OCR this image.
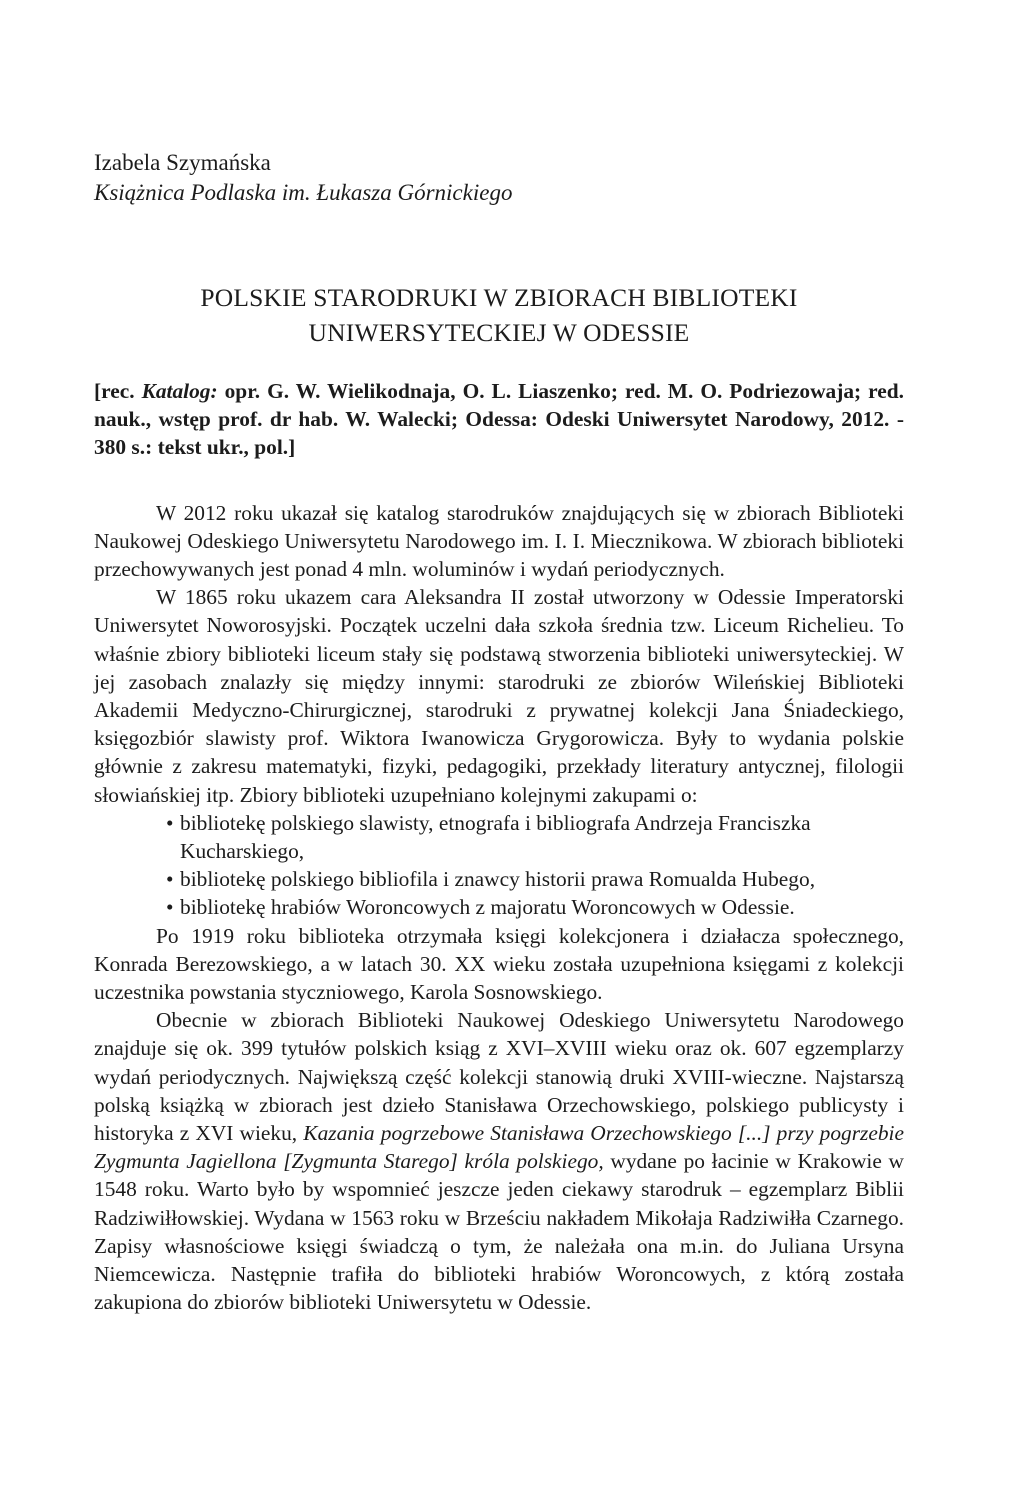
Izabela Szymańska

Książnica Podlaska im. Łukasza Górnickiego

POLSKIE STARODRUKI W ZBIORACH BIBLIOTEKI
UNIWERSYTECKIEJ W ODESSIE

[rec. Katalog: opr. G. W. Wielikodnaja, O. L. Liaszenko; red. M. O. Podriezowaja; red. nauk., wstęp prof. dr hab. W. Walecki; Odessa: Odeski Uniwersytet Narodowy, 2012. - 380 s.: tekst ukr., pol.]

W 2012 roku ukazał się katalog starodruków znajdujących się w zbiorach Biblioteki Naukowej Odeskiego Uniwersytetu Narodowego im. I. I. Miecznikowa. W zbiorach biblioteki przechowywanych jest ponad 4 mln. woluminów i wydań periodycznych.

W 1865 roku ukazem cara Aleksandra II został utworzony w Odessie Imperatorski Uniwersytet Noworosyjski. Początek uczelni dała szkoła średnia tzw. Liceum Richelieu. To właśnie zbiory biblioteki liceum stały się podstawą stworzenia biblioteki uniwersyteckiej. W jej zasobach znalazły się między innymi: starodruki ze zbiorów Wileńskiej Biblioteki Akademii Medyczno-Chirurgicznej, starodruki z prywatnej kolekcji Jana Śniadeckiego, księgozbiór slawisty prof. Wiktora Iwanowicza Grygorowicza. Były to wydania polskie głównie z zakresu matematyki, fizyki, pedagogiki, przekłady literatury antycznej, filologii słowiańskiej itp. Zbiory biblioteki uzupełniano kolejnymi zakupami o:

• bibliotekę polskiego slawisty, etnografa i bibliografa Andrzeja Franciszka Kucharskiego,
• bibliotekę polskiego bibliofila i znawcy historii prawa Romualda Hubego,
• bibliotekę hrabiów Woroncowych z majoratu Woroncowych w Odessie.

Po 1919 roku biblioteka otrzymała księgi kolekcjonera i działacza społecznego, Konrada Berezowskiego, a w latach 30. XX wieku została uzupełniona księgami z kolekcji uczestnika powstania styczniowego, Karola Sosnowskiego.

Obecnie w zbiorach Biblioteki Naukowej Odeskiego Uniwersytetu Narodowego znajduje się ok. 399 tytułów polskich ksiąg z XVI–XVIII wieku oraz ok. 607 egzemplarzy wydań periodycznych. Największą część kolekcji stanowią druki XVIII-wieczne. Najstarszą polską książką w zbiorach jest dzieło Stanisława Orzechowskiego, polskiego publicysty i historyka z XVI wieku, Kazania pogrzebowe Stanisława Orzechowskiego [...] przy pogrzebie Zygmunta Jagiellona [Zygmunta Starego] króla polskiego, wydane po łacinie w Krakowie w 1548 roku. Warto było by wspomnieć jeszcze jeden ciekawy starodruk – egzemplarz Biblii Radziwiłłowskiej. Wydana w 1563 roku w Brześciu nakładem Mikołaja Radziwiłła Czarnego. Zapisy własnościowe księgi świadczą o tym, że należała ona m.in. do Juliana Ursyna Niemcewicza. Następnie trafiła do biblioteki hrabiów Woroncowych, z którą została zakupiona do zbiorów biblioteki Uniwersytetu w Odessie.
